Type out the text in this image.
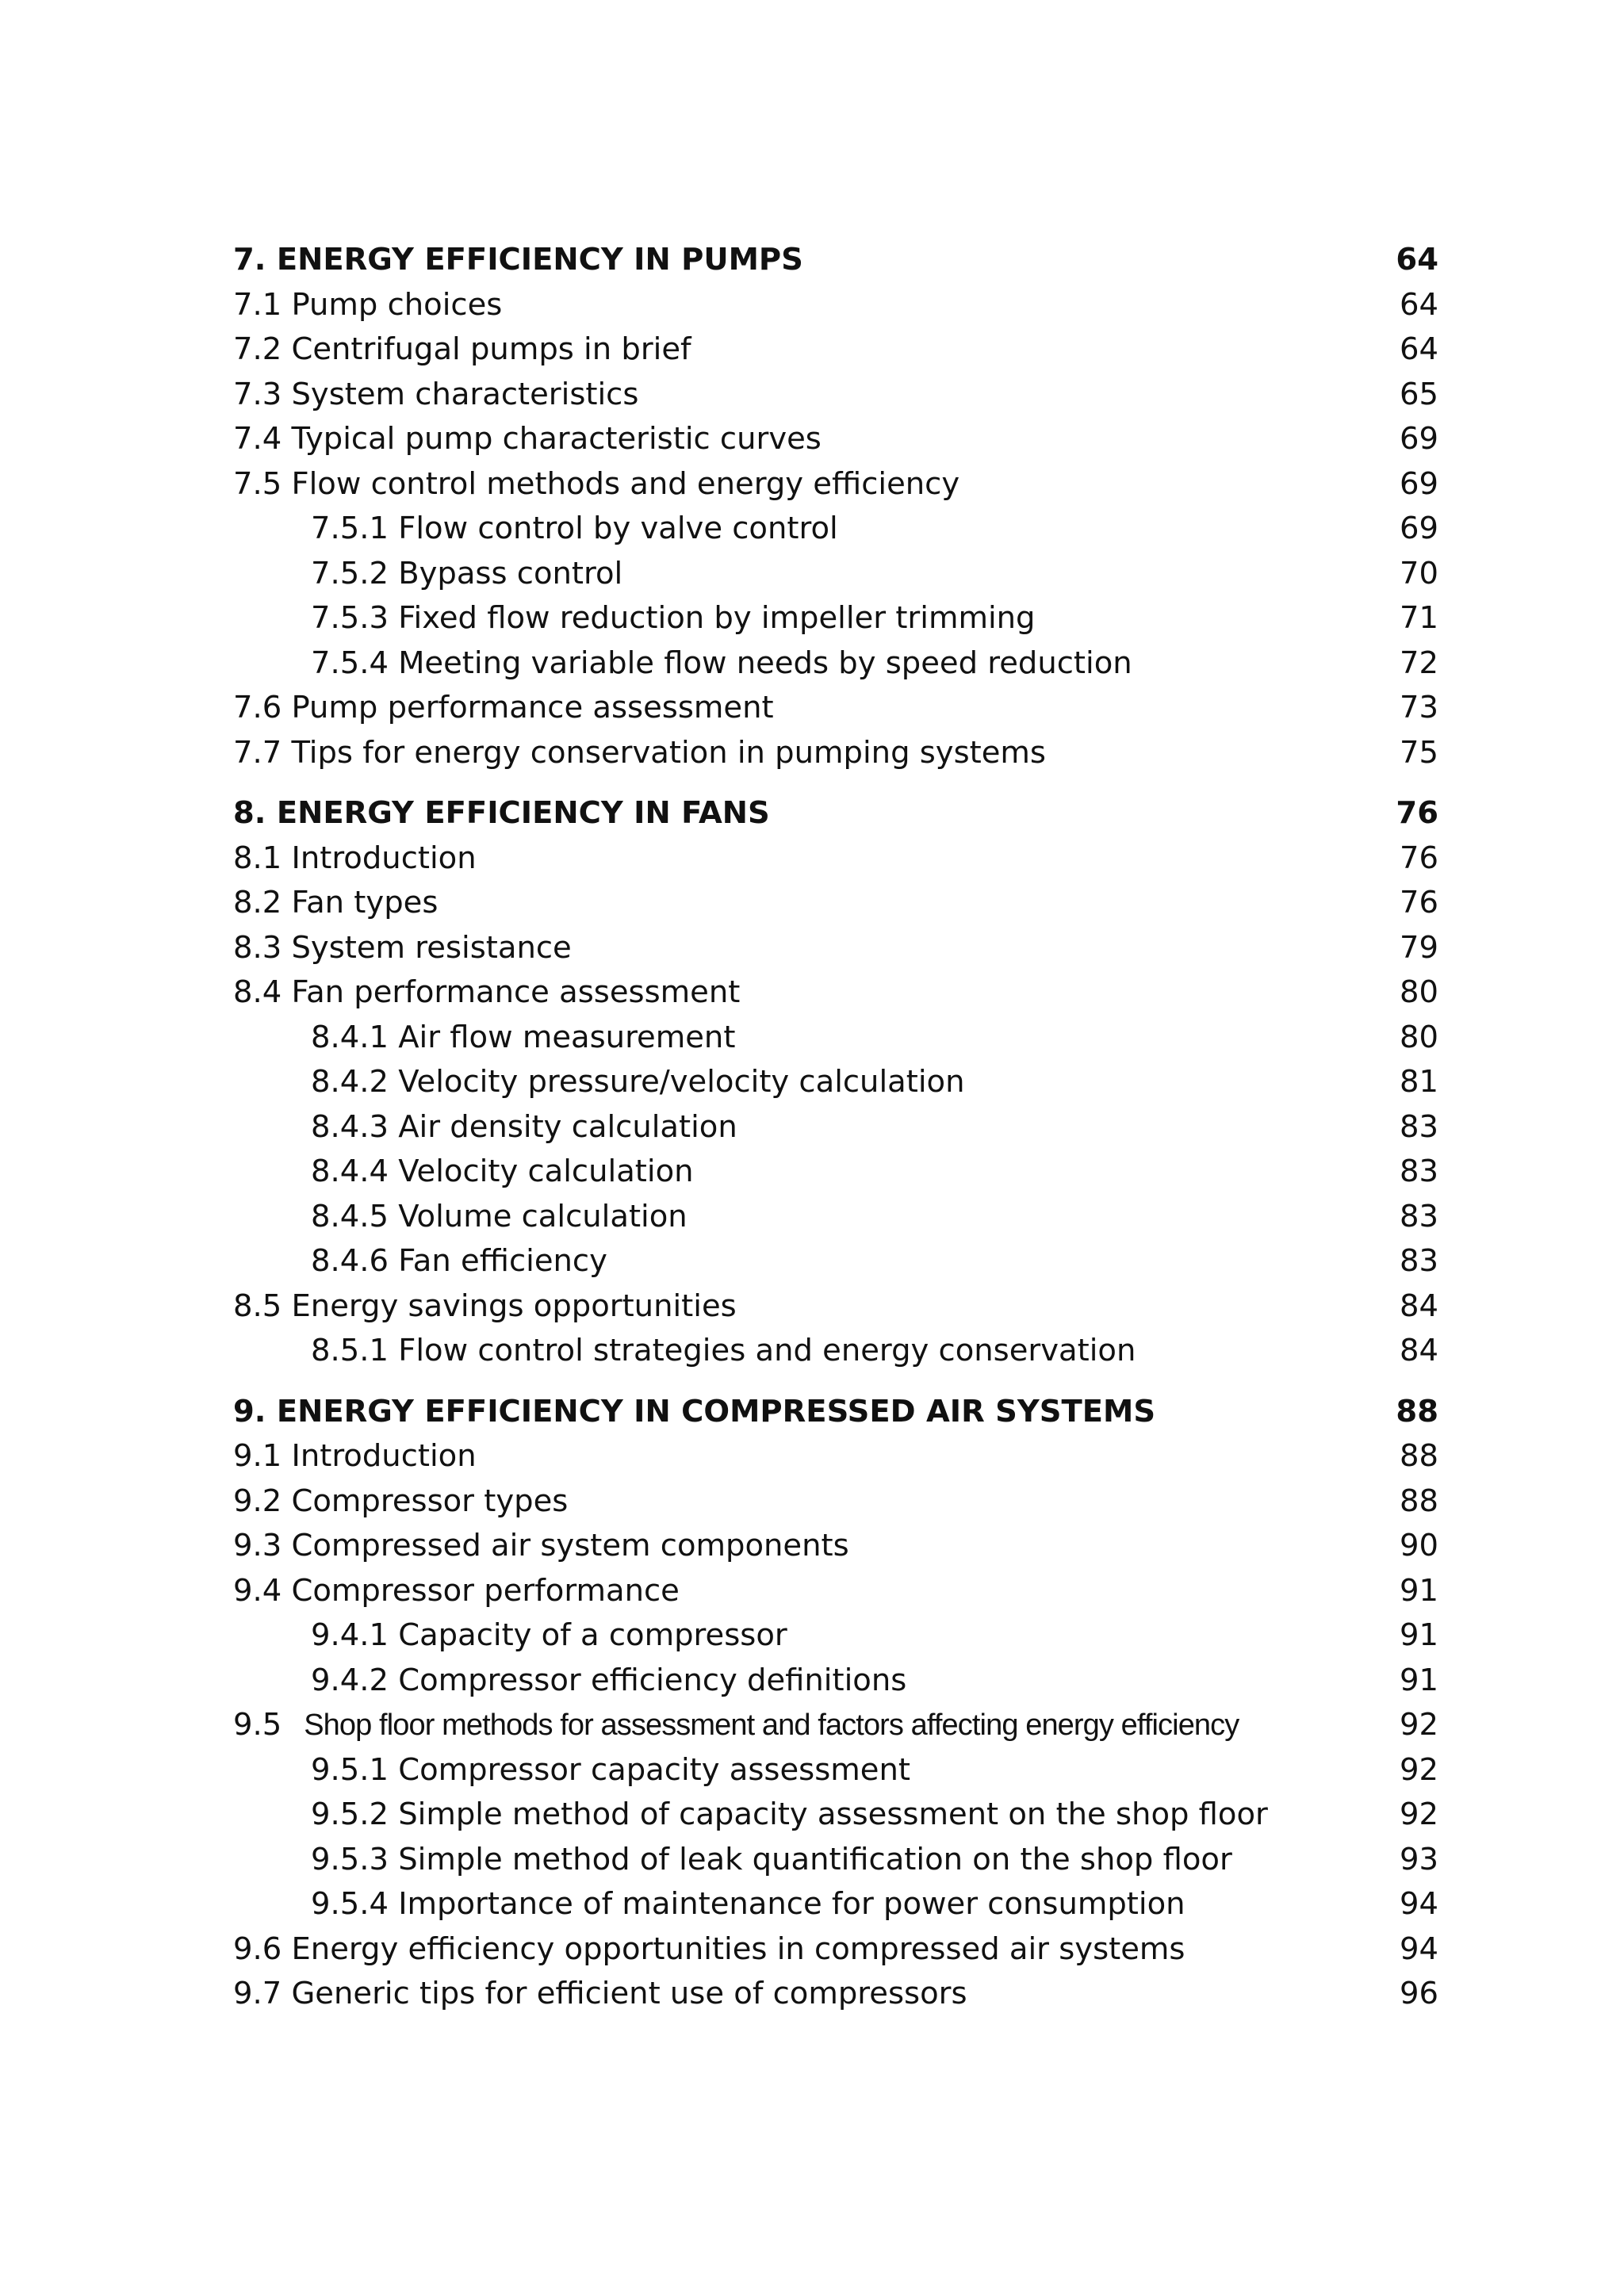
7. ENERGY EFFICIENCY IN PUMPS	64
7.1 Pump choices	64
7.2 Centrifugal pumps in brief	64
7.3 System characteristics	65
7.4 Typical pump characteristic curves	69
7.5 Flow control methods and energy efficiency	69
7.5.1 Flow control by valve control	69
7.5.2 Bypass control	70
7.5.3 Fixed flow reduction by impeller trimming	71
7.5.4 Meeting variable flow needs by speed reduction	72
7.6 Pump performance assessment	73
7.7 Tips for energy conservation in pumping systems	75
8. ENERGY EFFICIENCY IN FANS	76
8.1 Introduction	76
8.2 Fan types	76
8.3 System resistance	79
8.4 Fan performance assessment	80
8.4.1 Air flow measurement	80
8.4.2 Velocity pressure/velocity calculation	81
8.4.3 Air density calculation	83
8.4.4 Velocity calculation	83
8.4.5 Volume calculation	83
8.4.6 Fan efficiency	83
8.5 Energy savings opportunities	84
8.5.1 Flow control strategies and energy conservation	84
9. ENERGY EFFICIENCY IN COMPRESSED AIR SYSTEMS	88
9.1 Introduction	88
9.2 Compressor types	88
9.3 Compressed air system components	90
9.4 Compressor performance	91
9.4.1 Capacity of a compressor	91
9.4.2 Compressor efficiency definitions	91
9.5 Shop floor methods for assessment and factors affecting energy efficiency	92
9.5.1 Compressor capacity assessment	92
9.5.2 Simple method of capacity assessment on the shop floor	92
9.5.3 Simple method of leak quantification on the shop floor	93
9.5.4 Importance of maintenance for power consumption	94
9.6 Energy efficiency opportunities in compressed air systems	94
9.7 Generic tips for efficient use of compressors	96
